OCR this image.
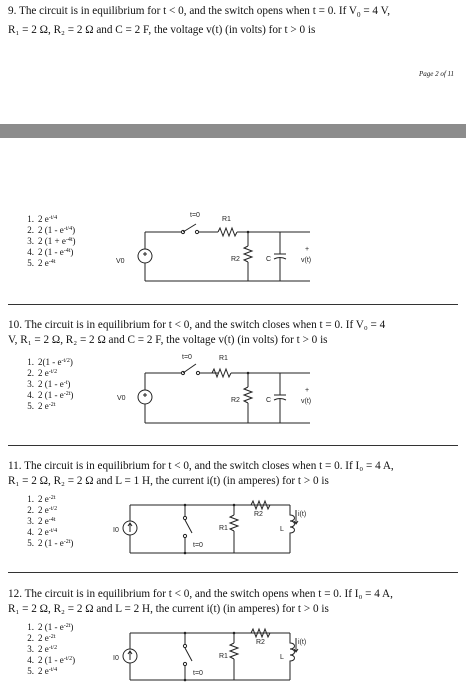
9. The circuit is in equilibrium for t < 0, and the switch opens when t = 0. If $V_0 = 4$ V,
R₁ = 2 Ω, R₂ = 2 Ω and C = 2 F, the voltage v(t) (in volts) for t > 0 is
Page 2 of 11
1. 2 $e^{-t/4}$
2. 2 $(1 - e^{-t/4})$
3. 2 $(1 + e^{-4t})$
4. 2 $(1 - e^{-4t})$
5. 2 $e^{-4t}$	V0
t=0
R1
R2	C
+
v(t)
10. The circuit is in equilibrium for t < 0, and the switch closes when t = 0. If V₀ = 4
V, R₁ = 2 Ω, R₂ = 2 Ω and C = 2 F, the voltage v(t) (in volts) for t > 0 is
1. $2(1 - e^{-t/2})$
2. 2 $e^{-t/2}$
3. 2 $(1 - e^{-t})$
4. 2 $(1 - e^{-2t})$
5. 2 $e^{-2t}$
V0
t=0	R1
R2	C
+
v(t)
11. The circuit is in equilibrium for t < 0, and the switch closes when t = 0. If I₀ = 4 A,
R₁ = 2 Ω, R₂ = 2 Ω and L = 1 H, the current i(t) (in amperes) for t > 0 is
1. 2 $e^{-2t}$
2. 2 $e^{-t/2}$
3. 2 $e^{-4t}$
4. 2 $e^{-t/4}$
5. 2 $(1 - e^{-2t})$
I0
t=0
R1
R2
L
i(t)
12. The circuit is in equilibrium for t < 0, and the switch opens when t = 0. If I₀ = 4 A,
R₁ = 2 Ω, R₂ = 2 Ω and L = 2 H, the current i(t) (in amperes) for t > 0 is
1. 2 $(1 - e^{-2t})$
2. 2 $e^{-2t}$
3. 2 $e^{-t/2}$
4. 2 $(1 - e^{-t/2})$
5. 2 $e^{-t/4}$
I0
t=0
R1
R2
L
i(t)
